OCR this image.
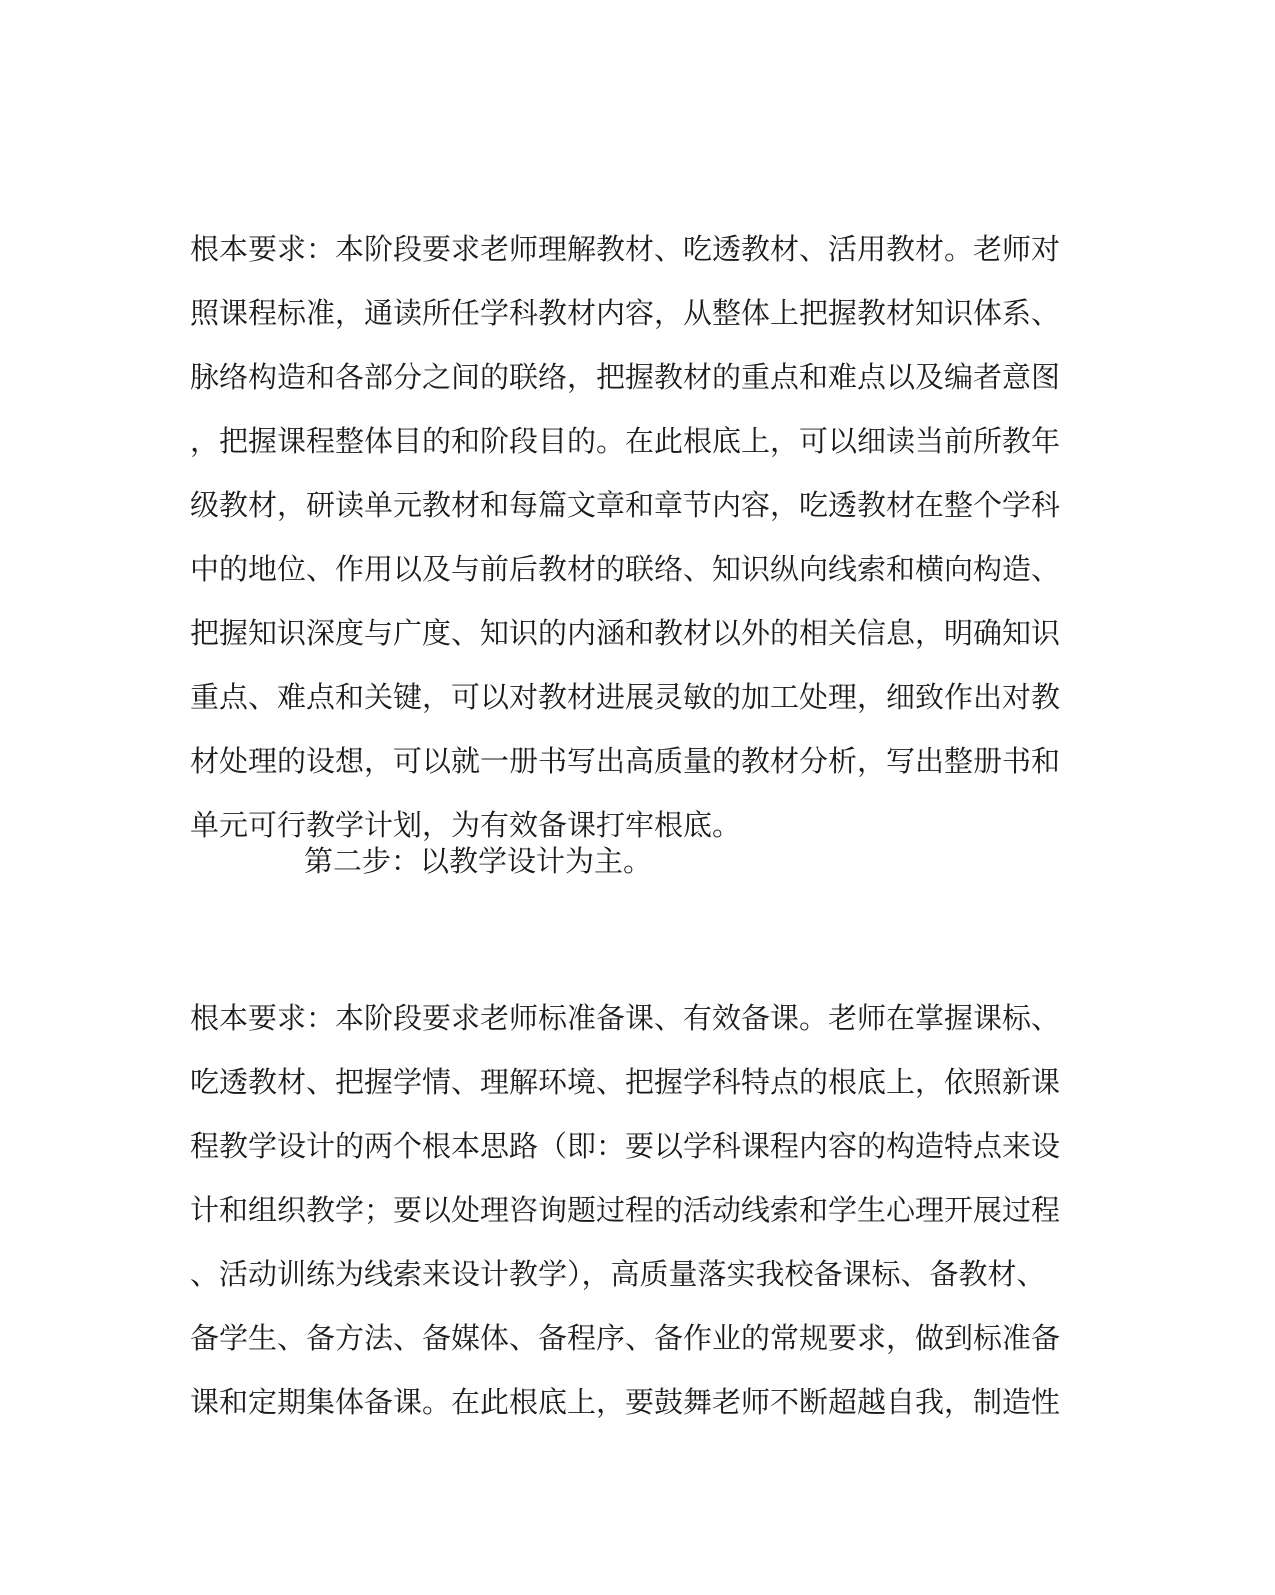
根本要求：本阶段要求老师理解教材、吃透教材、活用教材。老师对
照课程标准，通读所任学科教材内容，从整体上把握教材知识体系、
脉络构造和各部分之间的联络，把握教材的重点和难点以及编者意图
，把握课程整体目的和阶段目的。在此根底上，可以细读当前所教年
级教材，研读单元教材和每篇文章和章节内容，吃透教材在整个学科
中的地位、作用以及与前后教材的联络、知识纵向线索和横向构造、
把握知识深度与广度、知识的内涵和教材以外的相关信息，明确知识
重点、难点和关键，可以对教材进展灵敏的加工处理，细致作出对教
材处理的设想，可以就一册书写出高质量的教材分析，写出整册书和
单元可行教学计划，为有效备课打牢根底。
第二步：以教学设计为主。
根本要求：本阶段要求老师标准备课、有效备课。老师在掌握课标、
吃透教材、把握学情、理解环境、把握学科特点的根底上，依照新课
程教学设计的两个根本思路（即：要以学科课程内容的构造特点来设
计和组织教学；要以处理咨询题过程的活动线索和学生心理开展过程
、活动训练为线索来设计教学），高质量落实我校备课标、备教材、
备学生、备方法、备媒体、备程序、备作业的常规要求，做到标准备
课和定期集体备课。在此根底上，要鼓舞老师不断超越自我，制造性
